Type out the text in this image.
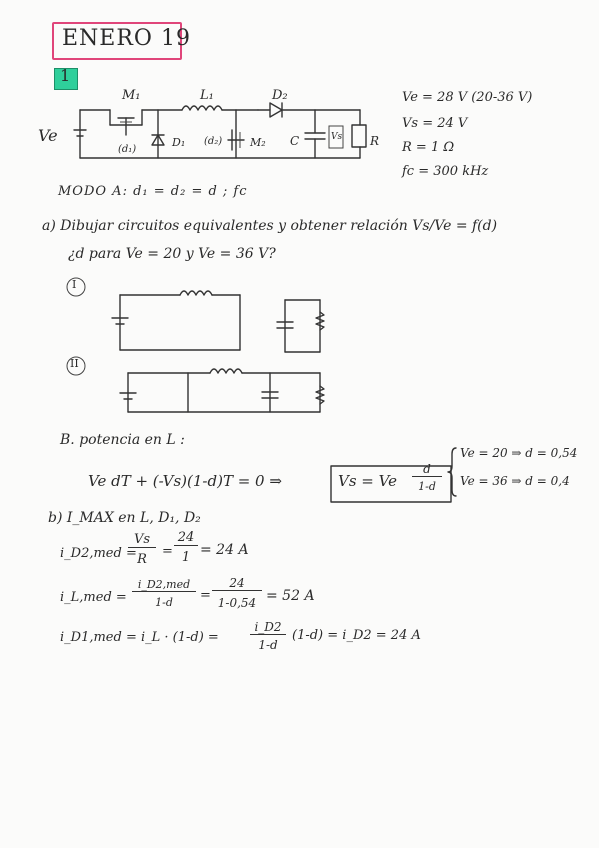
ENERO 19
1
Ve
M₁	L₁	D₂
(d₁)
D₁ (d₂)	M₂ C	Vs R
Ve = 28 V (20-36 V)
Vs = 24 V
R = 1 Ω
fc = 300 kHz
MODO A: d₁ = d₂ = d ; fc
a) Dibujar circuitos equivalentes y obtener relación Vs/Ve = f(d)
¿d para Ve = 20 y Ve = 36 V?
I
II
B. potencia en L :
Ve dT + (-Vs)(1-d)T = 0 ⇒	Vs = Ve
d
1-d
Ve = 20 ⇒ d = 0,54
Ve = 36 ⇒ d = 0,4
b) I_MAX en L, D₁, D₂
i_D2,med =
Vs
R
=
24
1 = 24 A
i_L,med =
i_D2,med
1-d	=
24
1-0,54 = 52 A
i_D1,med = i_L · (1-d) =
i_D2
1-d
(1-d) = i_D2 = 24 A
